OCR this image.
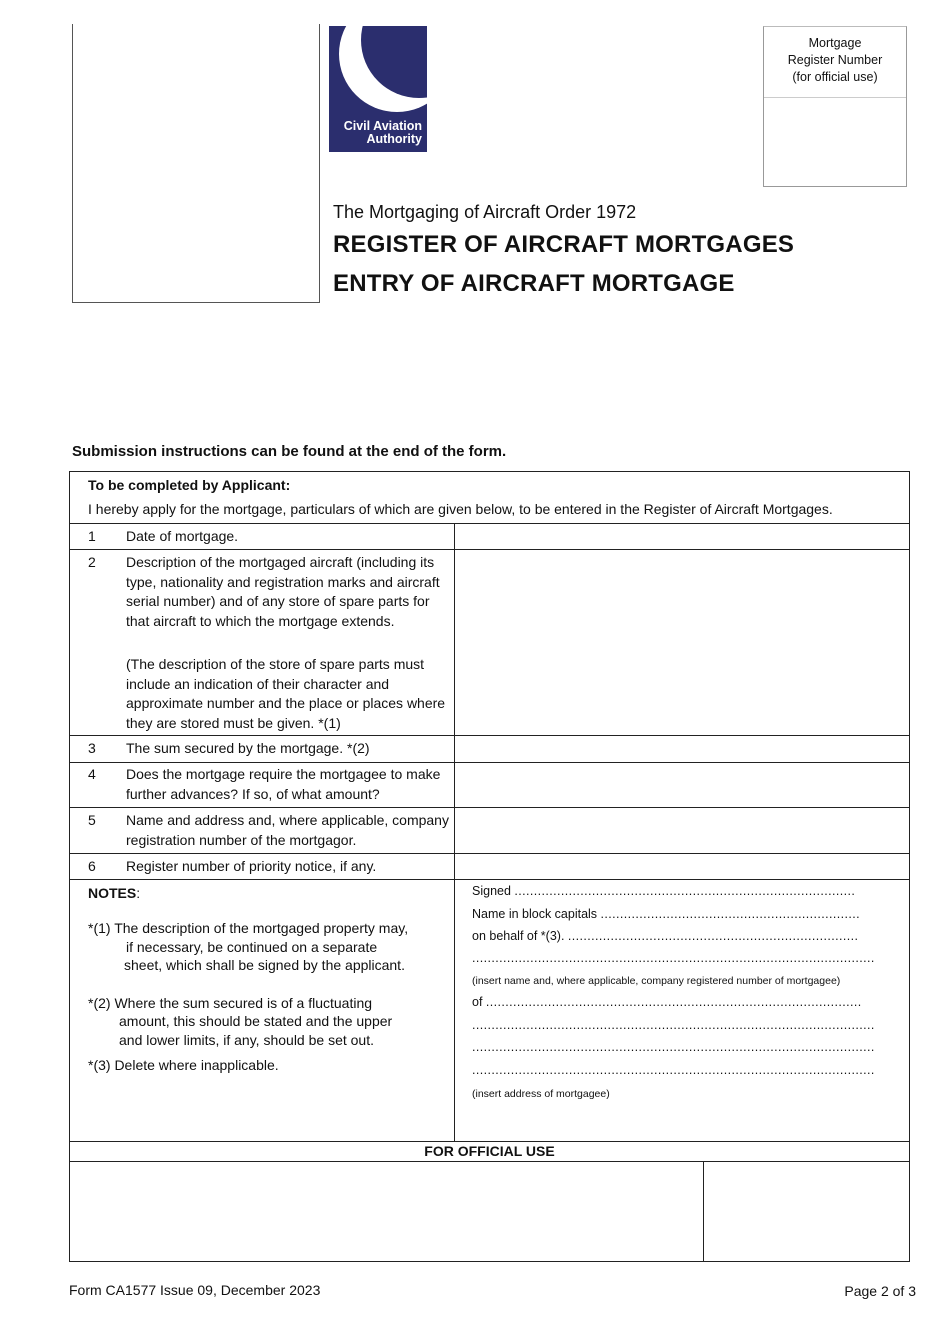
Civil Aviation
Authority
Mortgage
Register Number
(for official use)
The Mortgaging of Aircraft Order 1972
REGISTER OF AIRCRAFT MORTGAGES
ENTRY OF AIRCRAFT MORTGAGE
Submission instructions can be found at the end of the form.
To be completed by Applicant:
I hereby apply for the mortgage, particulars of which are given below, to be entered in the Register of Aircraft Mortgages.
1 Date of mortgage.
2 Description of the mortgaged aircraft (including its type, nationality and registration marks and aircraft serial number) and of any store of spare parts for that aircraft to which the mortgage extends.
(The description of the store of spare parts must include an indication of their character and approximate number and the place or places where they are stored must be given. *(1)
3 The sum secured by the mortgage. *(2)
4 Does the mortgage require the mortgagee to make further advances? If so, of what amount?
5 Name and address and, where applicable, company registration number of the mortgagor.
6 Register number of priority notice, if any.
NOTES:
*(1) The description of the mortgaged property may,
if necessary, be continued on a separate
sheet, which shall be signed by the applicant.
*(2) Where the sum secured is of a fluctuating
amount, this should be stated and the upper
and lower limits, if any, should be set out.
*(3) Delete where inapplicable.
Signed ........................................................................................
Name in block capitals ...................................................................
on behalf of *(3). ...........................................................................
........................................................................................................
(insert name and, where applicable, company registered number of mortgagee)
of .................................................................................................
........................................................................................................
........................................................................................................
........................................................................................................
(insert address of mortgagee)
FOR OFFICIAL USE
Form CA1577 Issue 09, December 2023	Page 2 of 3
